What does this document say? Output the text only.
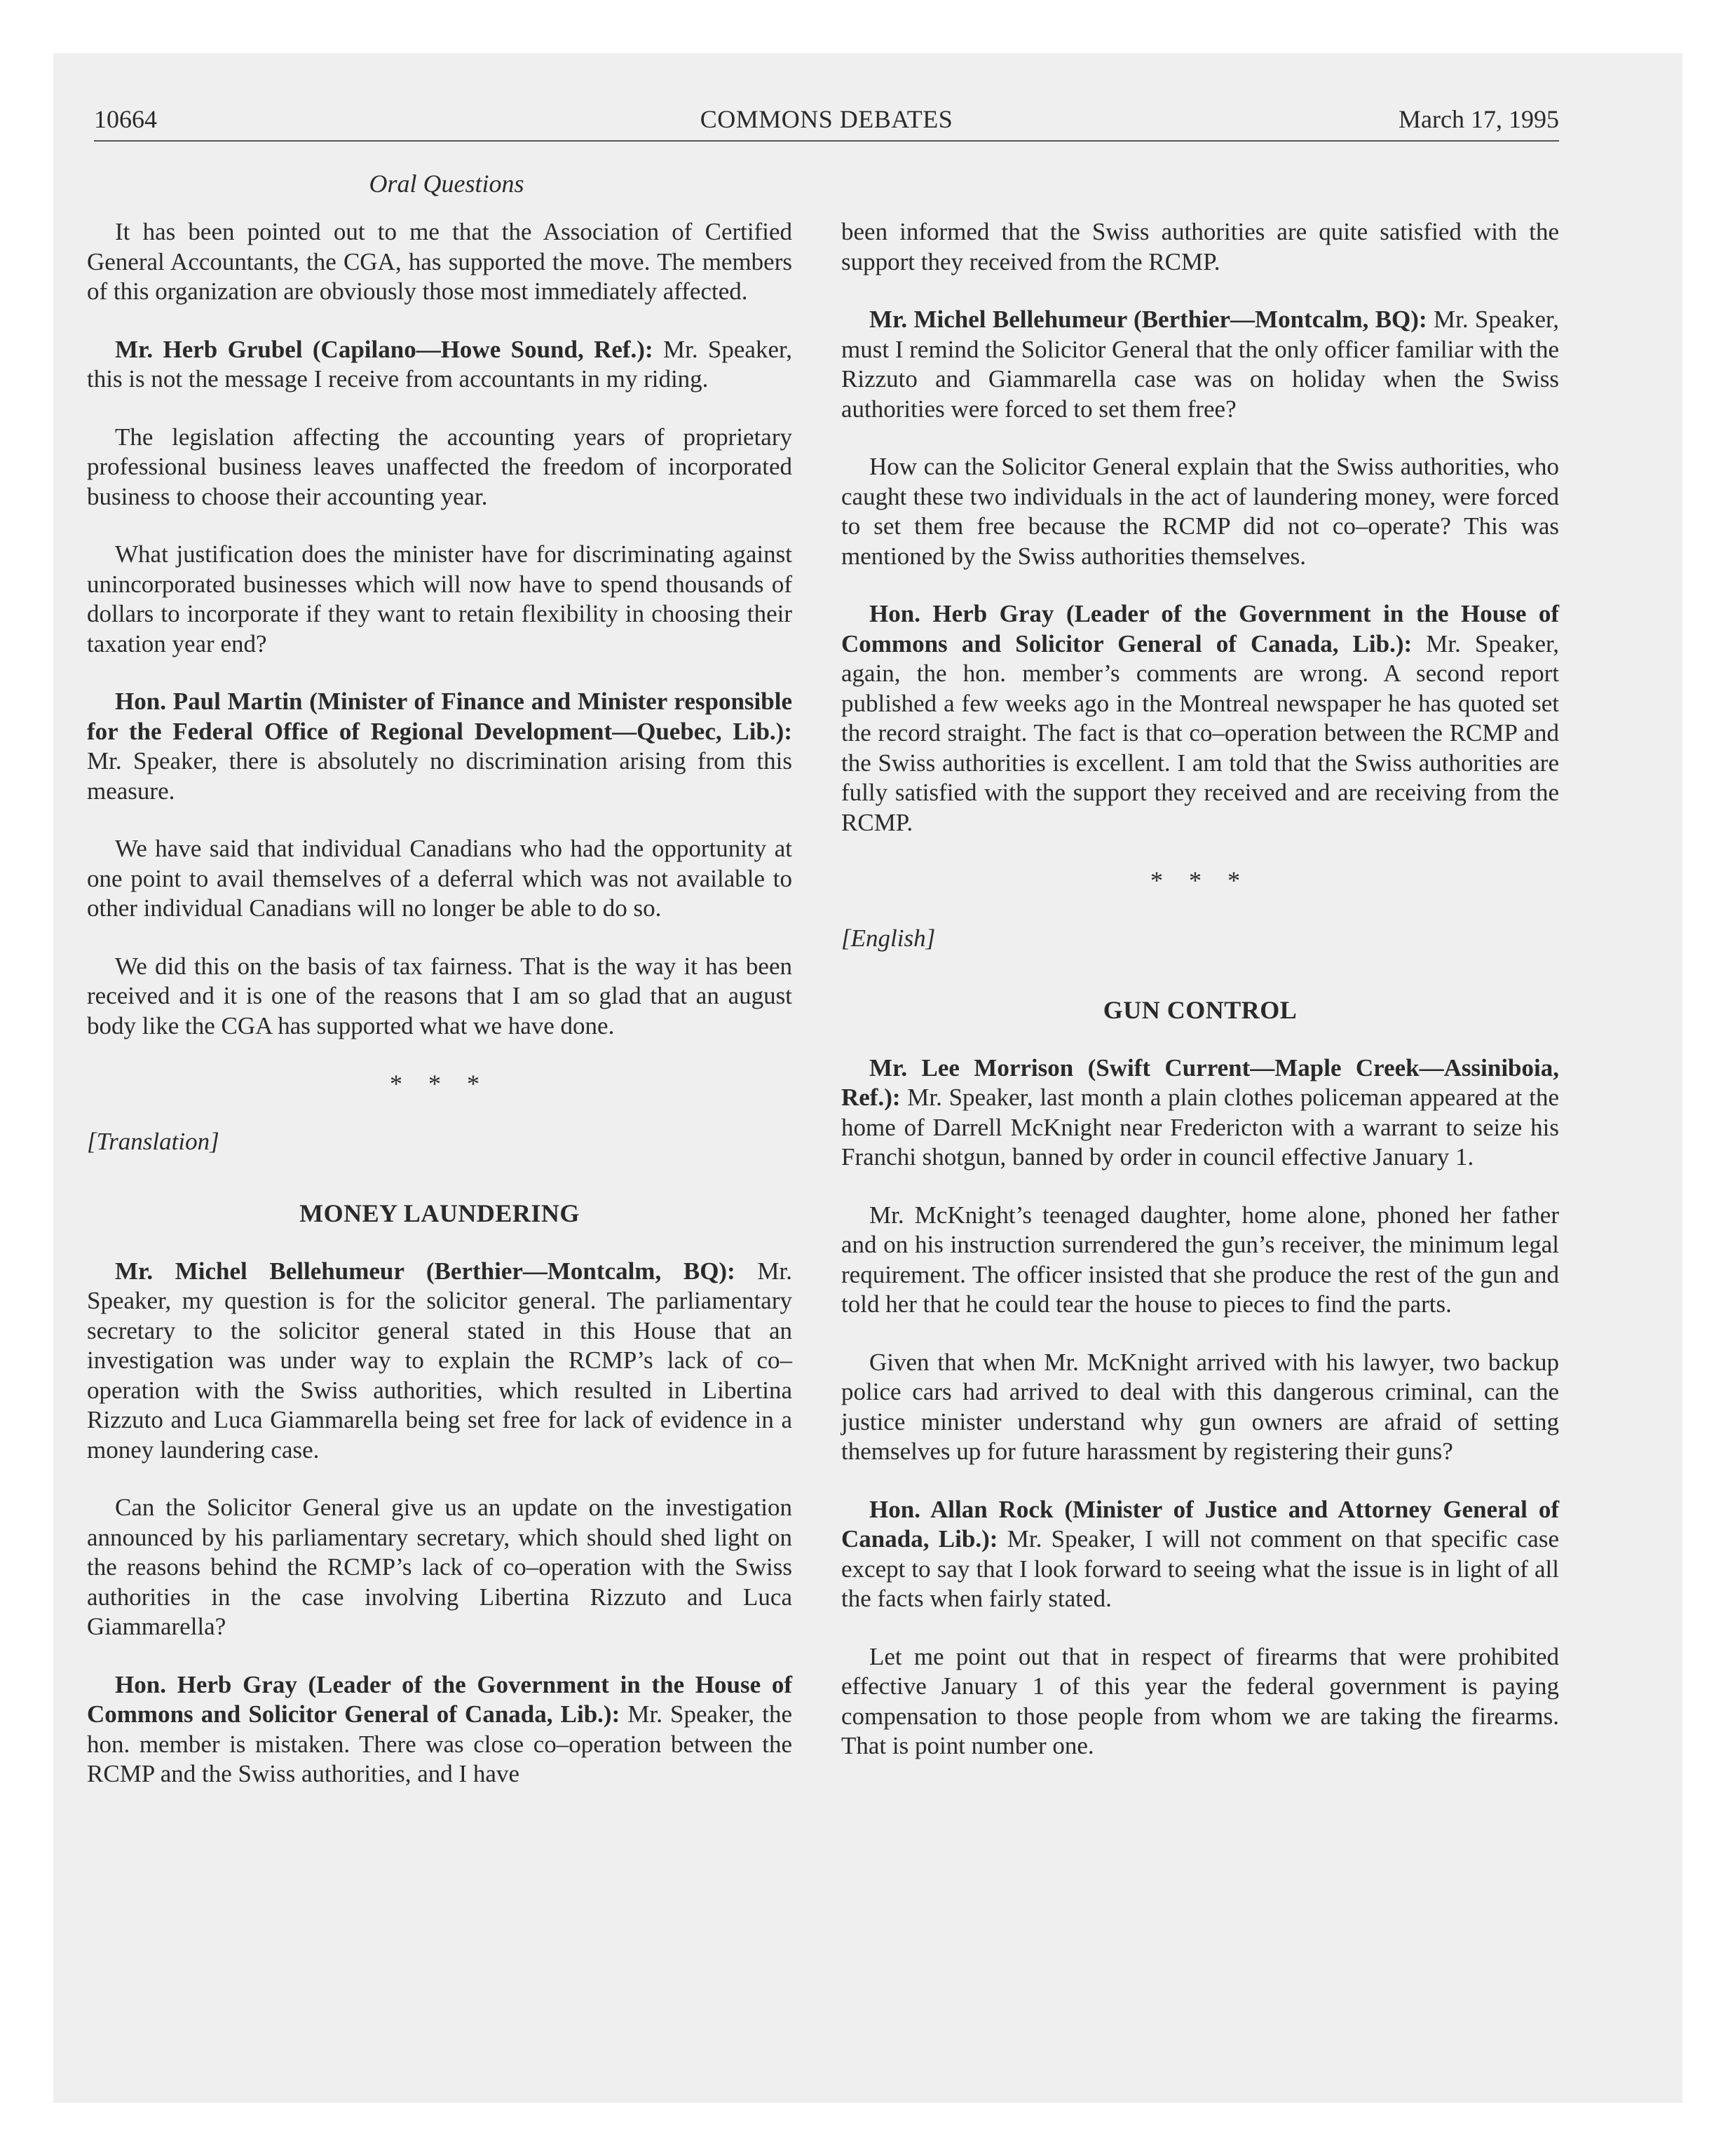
10664	COMMONS DEBATES	March 17, 1995
Oral Questions

It has been pointed out to me that the Association of Certified General Accountants, the CGA, has supported the move. The members of this organization are obviously those most immediately affected.

Mr. Herb Grubel (Capilano—Howe Sound, Ref.): Mr. Speaker, this is not the message I receive from accountants in my riding.

The legislation affecting the accounting years of proprietary professional business leaves unaffected the freedom of incorporated business to choose their accounting year.

What justification does the minister have for discriminating against unincorporated businesses which will now have to spend thousands of dollars to incorporate if they want to retain flexibility in choosing their taxation year end?

Hon. Paul Martin (Minister of Finance and Minister responsible for the Federal Office of Regional Development—Quebec, Lib.): Mr. Speaker, there is absolutely no discrimination arising from this measure.

We have said that individual Canadians who had the opportunity at one point to avail themselves of a deferral which was not available to other individual Canadians will no longer be able to do so.

We did this on the basis of tax fairness. That is the way it has been received and it is one of the reasons that I am so glad that an august body like the CGA has supported what we have done.

* * *
[Translation]
MONEY LAUNDERING

Mr. Michel Bellehumeur (Berthier—Montcalm, BQ): Mr. Speaker, my question is for the solicitor general. The parliamentary secretary to the solicitor general stated in this House that an investigation was under way to explain the RCMP’s lack of co–operation with the Swiss authorities, which resulted in Libertina Rizzuto and Luca Giammarella being set free for lack of evidence in a money laundering case.

Can the Solicitor General give us an update on the investigation announced by his parliamentary secretary, which should shed light on the reasons behind the RCMP’s lack of co–operation with the Swiss authorities in the case involving Libertina Rizzuto and Luca Giammarella?

Hon. Herb Gray (Leader of the Government in the House of Commons and Solicitor General of Canada, Lib.): Mr. Speaker, the hon. member is mistaken. There was close co–operation between the RCMP and the Swiss authorities, and I have

been informed that the Swiss authorities are quite satisfied with the support they received from the RCMP.

Mr. Michel Bellehumeur (Berthier—Montcalm, BQ): Mr. Speaker, must I remind the Solicitor General that the only officer familiar with the Rizzuto and Giammarella case was on holiday when the Swiss authorities were forced to set them free?

How can the Solicitor General explain that the Swiss authorities, who caught these two individuals in the act of laundering money, were forced to set them free because the RCMP did not co–operate? This was mentioned by the Swiss authorities themselves.

Hon. Herb Gray (Leader of the Government in the House of Commons and Solicitor General of Canada, Lib.): Mr. Speaker, again, the hon. member’s comments are wrong. A second report published a few weeks ago in the Montreal newspaper he has quoted set the record straight. The fact is that co–operation between the RCMP and the Swiss authorities is excellent. I am told that the Swiss authorities are fully satisfied with the support they received and are receiving from the RCMP.

* * *
[English]
GUN CONTROL

Mr. Lee Morrison (Swift Current—Maple Creek—Assiniboia, Ref.): Mr. Speaker, last month a plain clothes policeman appeared at the home of Darrell McKnight near Fredericton with a warrant to seize his Franchi shotgun, banned by order in council effective January 1.

Mr. McKnight’s teenaged daughter, home alone, phoned her father and on his instruction surrendered the gun’s receiver, the minimum legal requirement. The officer insisted that she produce the rest of the gun and told her that he could tear the house to pieces to find the parts.

Given that when Mr. McKnight arrived with his lawyer, two backup police cars had arrived to deal with this dangerous criminal, can the justice minister understand why gun owners are afraid of setting themselves up for future harassment by registering their guns?

Hon. Allan Rock (Minister of Justice and Attorney General of Canada, Lib.): Mr. Speaker, I will not comment on that specific case except to say that I look forward to seeing what the issue is in light of all the facts when fairly stated.

Let me point out that in respect of firearms that were prohibited effective January 1 of this year the federal government is paying compensation to those people from whom we are taking the firearms. That is point number one.
